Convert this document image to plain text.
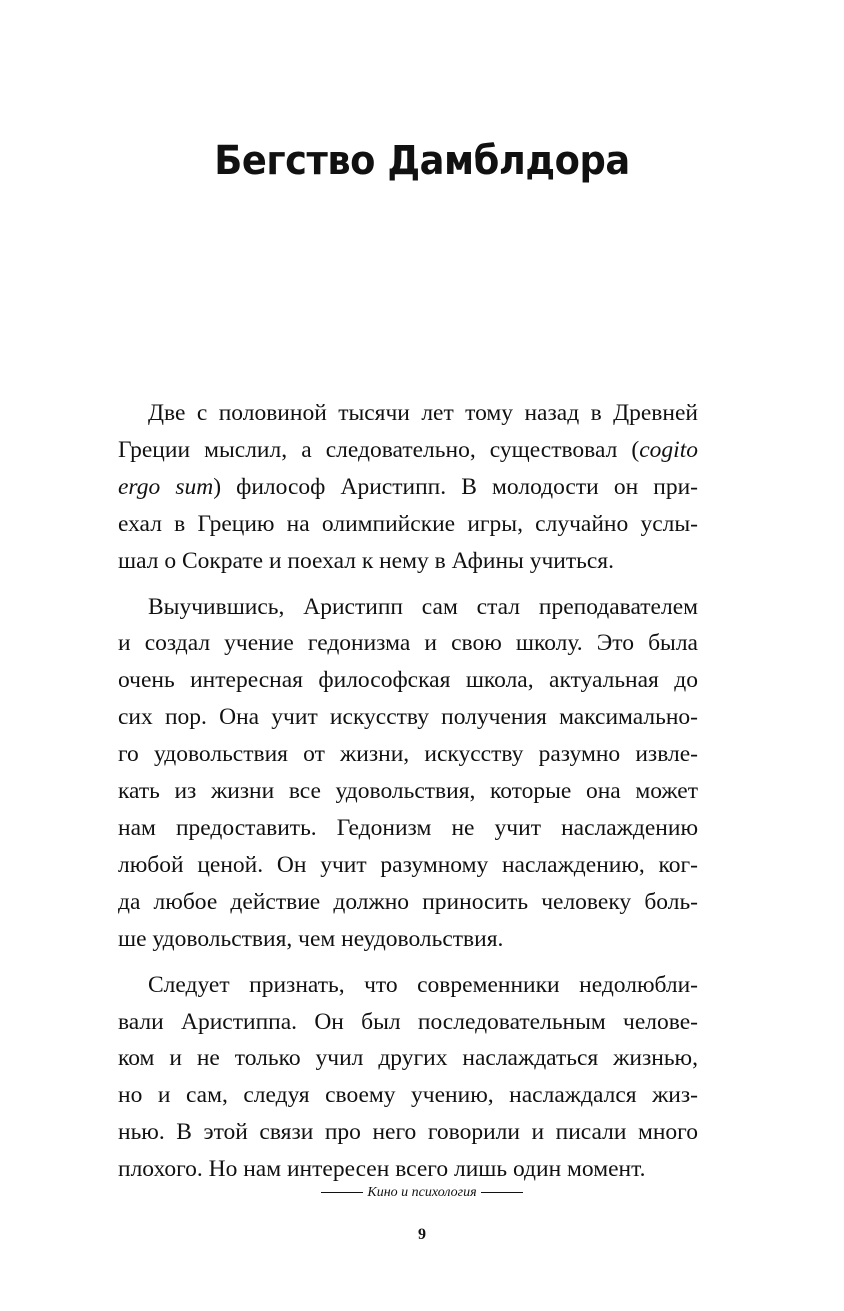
Бегство Дамблдора
Две с половиной тысячи лет тому назад в Древней
Греции мыслил, а следовательно, существовал (cogito
ergo sum) философ Аристипп. В молодости он при-
ехал в Грецию на олимпийские игры, случайно услы-
шал о Сократе и поехал к нему в Афины учиться.
Выучившись, Аристипп сам стал преподавателем
и создал учение гедонизма и свою школу. Это была
очень интересная философская школа, актуальная до
сих пор. Она учит искусству получения максимально-
го удовольствия от жизни, искусству разумно извле-
кать из жизни все удовольствия, которые она может
нам предоставить. Гедонизм не учит наслаждению
любой ценой. Он учит разумному наслаждению, ког-
да любое действие должно приносить человеку боль-
ше удовольствия, чем неудовольствия.
Следует признать, что современники недолюбли-
вали Аристиппа. Он был последовательным челове-
ком и не только учил других наслаждаться жизнью,
но и сам, следуя своему учению, наслаждался жиз-
нью. В этой связи про него говорили и писали много
плохого. Но нам интересен всего лишь один момент.
Кино и психология
9
